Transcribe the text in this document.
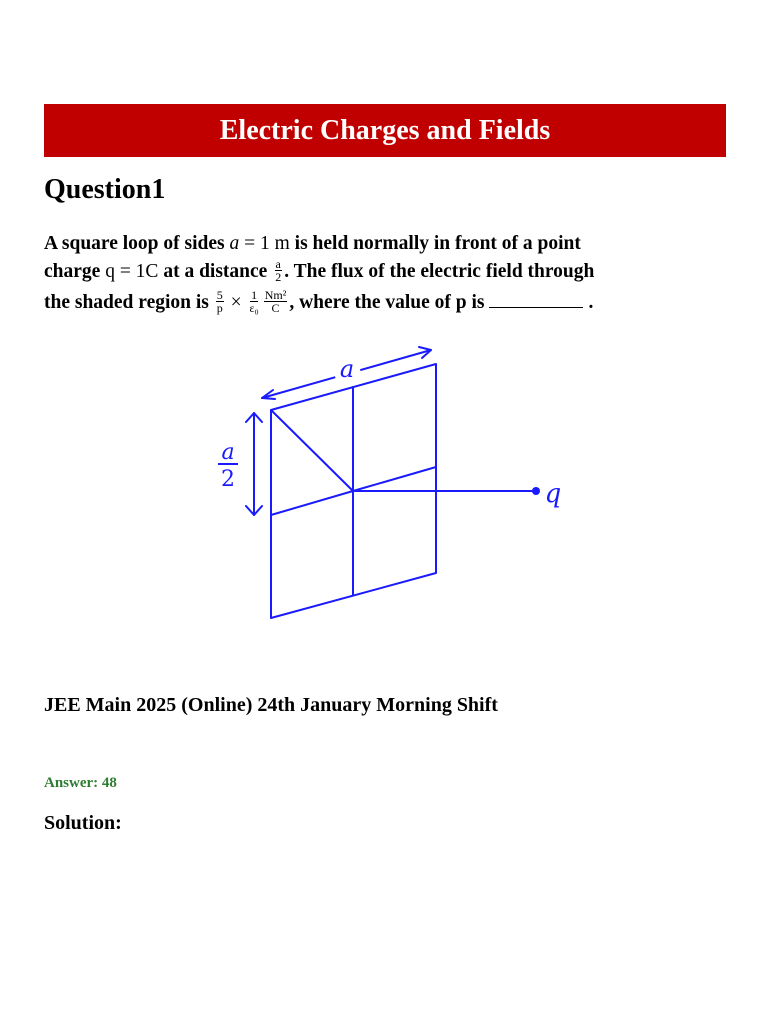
Electric Charges and Fields
Question1
A square loop of sides a = 1 m is held normally in front of a point
charge q = 1C at a distance $\frac{a}{2}$ . The flux of the electric field through
the shaded region is $\frac{5}{p} \times \frac{1}{\text{ε₀}} \frac{\text{Nm²}}{C}$ , where the value of p is	.
a
a
2	q
JEE Main 2025 (Online) 24th January Morning Shift
Answer: 48
Solution:
